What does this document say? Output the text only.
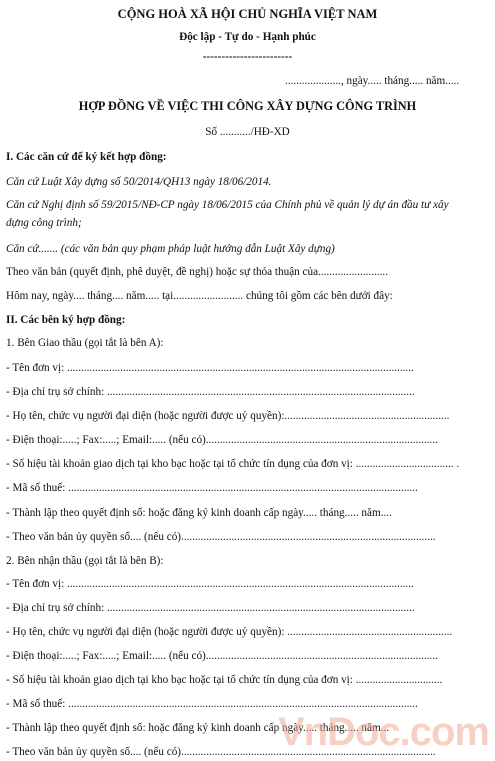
CỘNG HOÀ XÃ HỘI CHỦ NGHĨA VIỆT NAM
Độc lập - Tự do - Hạnh phúc
------------------------
...................., ngày..... tháng..... năm.....
HỢP ĐỒNG VỀ VIỆC THI CÔNG XÂY DỰNG CÔNG TRÌNH
Số .........../HĐ-XD
I. Các căn cứ để ký kết hợp đồng:
Căn cứ Luật Xây dựng số 50/2014/QH13 ngày 18/06/2014.
Căn cứ Nghị định số 59/2015/NĐ-CP ngày 18/06/2015 của Chính phủ về quản lý dự án đầu tư xây
dựng công trình;
Căn cứ....... (các văn bản quy phạm pháp luật hướng dẫn Luật Xây dựng)
Theo văn bản (quyết định, phê duyệt, đề nghị) hoặc sự thỏa thuận của.........................
Hôm nay, ngày.... tháng.... năm..... tại......................... chúng tôi gồm các bên dưới đây:
II. Các bên ký hợp đồng:
1. Bên Giao thầu (gọi tắt là bên A):
- Tên đơn vị: ............................................................................................................................
- Địa chỉ trụ sở chính: ..............................................................................................................
- Họ tên, chức vụ người đại diện (hoặc người được uỷ quyền):...........................................................
- Điện thoại:.....; Fax:.....; Email:..... (nếu có)...................................................................................
- Số hiệu tài khoản giao dịch tại kho bạc hoặc tại tổ chức tín dụng của đơn vị: ................................... .
- Mã số thuế: .............................................................................................................................
- Thành lập theo quyết định số: hoặc đăng ký kinh doanh cấp ngày..... tháng..... năm....
- Theo văn bản ủy quyền số.... (nếu có)...........................................................................................
2. Bên nhận thầu (gọi tắt là bên B):
- Tên đơn vị: ............................................................................................................................
- Địa chỉ trụ sở chính: ..............................................................................................................
- Họ tên, chức vụ người đại diện (hoặc người được uỷ quyền): ...........................................................
- Điện thoại:.....; Fax:.....; Email:..... (nếu có)...................................................................................
- Số hiệu tài khoản giao dịch tại kho bạc hoặc tại tổ chức tín dụng của đơn vị: ...............................
- Mã số thuế: .............................................................................................................................
- Thành lập theo quyết định số: hoặc đăng ký kinh doanh cấp ngày..... tháng..... năm...
- Theo văn bản ủy quyền số.... (nếu có)...........................................................................................
VnDoc.com
